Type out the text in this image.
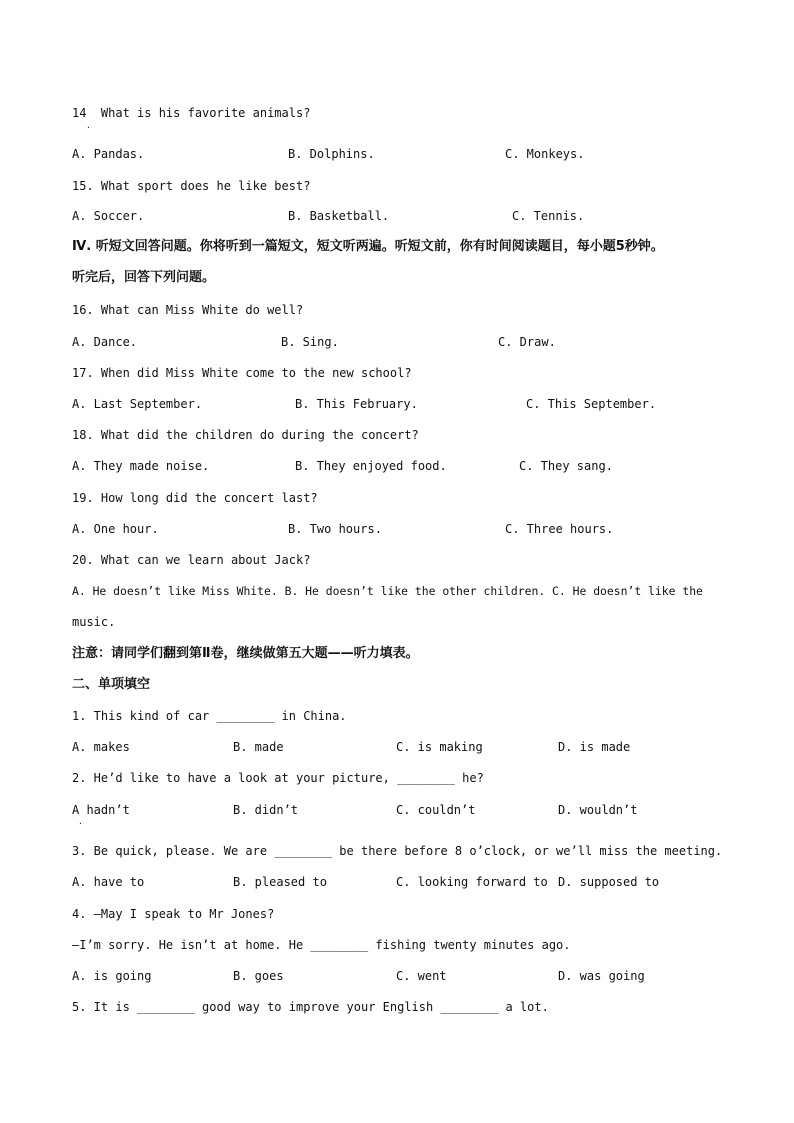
14  What is his favorite animals?
·
A. Pandas.	B. Dolphins.	C. Monkeys.
15. What sport does he like best?
A. Soccer.	B. Basketball.	C. Tennis.
Ⅳ. 听短文回答问题。你将听到一篇短文，短文听两遍。听短文前，你有时间阅读题目，每小题5秒钟。
听完后，回答下列问题。
16. What can Miss White do well?
A. Dance.	B. Sing.	C. Draw.
17. When did Miss White come to the new school?
A. Last September.	B. This February.	C. This September.
18. What did the children do during the concert?
A. They made noise.	B. They enjoyed food.	C. They sang.
19. How long did the concert last?
A. One hour.	B. Two hours.	C. Three hours.
20. What can we learn about Jack?
A. He doesn’t like Miss White. B. He doesn’t like the other children. C. He doesn’t like the
music.
注意：请同学们翻到第Ⅱ卷，继续做第五大题——听力填表。
二、单项填空
1. This kind of car ________ in China.
A. makes	B. made	C. is making	D. is made
2. He’d like to have a look at your picture, ________ he?
A hadn’t	B. didn’t	C. couldn’t	D. wouldn’t
·
3. Be quick, please. We are ________ be there before 8 o’clock, or we’ll miss the meeting.
A. have to	B. pleased to	C. looking forward to D. supposed to
4. —May I speak to Mr Jones?
—I’m sorry. He isn’t at home. He ________ fishing twenty minutes ago.
A. is going	B. goes	C. went	D. was going
5. It is ________ good way to improve your English ________ a lot.
